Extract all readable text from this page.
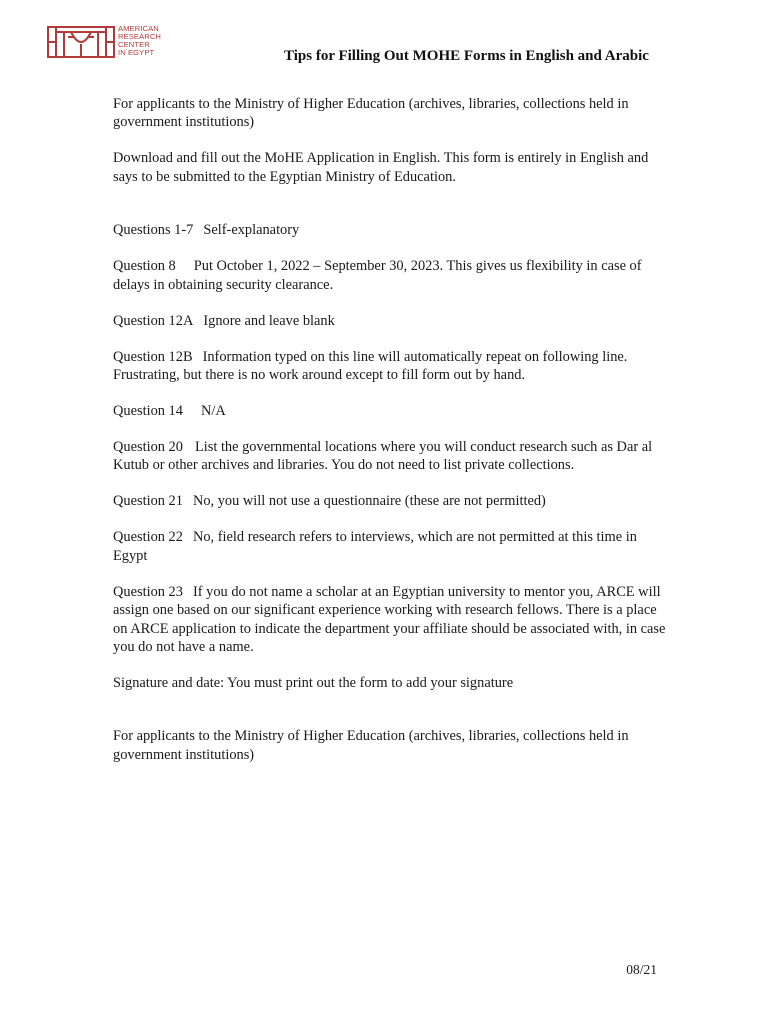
AMERICAN
RESEARCH
CENTER
IN EGYPT	Tips for Filling Out MOHE Forms in English and Arabic

For applicants to the Ministry of Higher Education (archives, libraries, collections held in government institutions)

Download and fill out the MoHE Application in English. This form is entirely in English and says to be submitted to the Egyptian Ministry of Education.

Questions 1-7 Self-explanatory

Question 8 Put October 1, 2022 – September 30, 2023. This gives us flexibility in case of delays in obtaining security clearance.

Question 12A Ignore and leave blank

Question 12B Information typed on this line will automatically repeat on following line. Frustrating, but there is no work around except to fill form out by hand.

Question 14 N/A

Question 20 List the governmental locations where you will conduct research such as Dar al Kutub or other archives and libraries. You do not need to list private collections.

Question 21 No, you will not use a questionnaire (these are not permitted)

Question 22 No, field research refers to interviews, which are not permitted at this time in Egypt

Question 23 If you do not name a scholar at an Egyptian university to mentor you, ARCE will assign one based on our significant experience working with research fellows. There is a place on ARCE application to indicate the department your affiliate should be associated with, in case you do not have a name.

Signature and date: You must print out the form to add your signature

For applicants to the Ministry of Higher Education (archives, libraries, collections held in government institutions)

08/21
